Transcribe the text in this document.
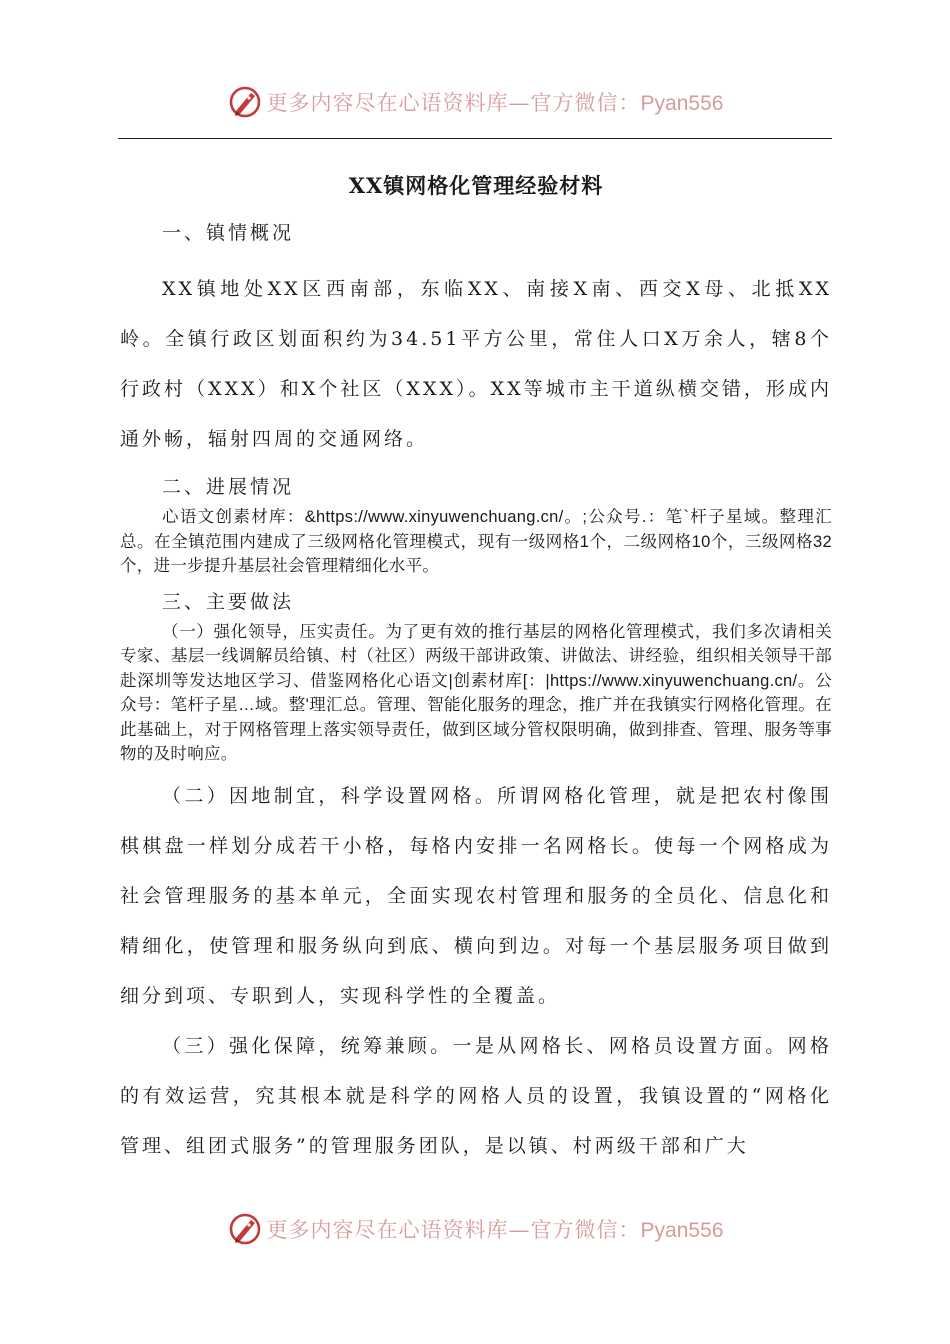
更多内容尽在心语资料库—官方微信：Pyan556
XX镇网格化管理经验材料
一、镇情概况

XX镇地处XX区西南部，东临XX、南接X南、西交X母、北抵XX岭。全镇行政区划面积约为34.51平方公里，常住人口X万余人，辖8个行政村（XXX）和X个社区（XXX）。XX等城市主干道纵横交错，形成内通外畅，辐射四周的交通网络。

二、进展情况

心语文创素材库：&https://www.xinyuwenchuang.cn/。;公众号.：笔`杆子星域。整理汇总。在全镇范围内建成了三级网格化管理模式，现有一级网格1个，二级网格10个，三级网格32个，进一步提升基层社会管理精细化水平。

三、主要做法

（一）强化领导，压实责任。为了更有效的推行基层的网格化管理模式，我们多次请相关专家、基层一线调解员给镇、村（社区）两级干部讲政策、讲做法、讲经验，组织相关领导干部赴深圳等发达地区学习、借鉴网格化心语文|创素材库[：|https://www.xinyuwenchuang.cn/。公众号：笔杆子星…域。整'理汇总。管理、智能化服务的理念，推广并在我镇实行网格化管理。在此基础上，对于网格管理上落实领导责任，做到区域分管权限明确，做到排查、管理、服务等事物的及时响应。

（二）因地制宜，科学设置网格。所谓网格化管理，就是把农村像围棋棋盘一样划分成若干小格，每格内安排一名网格长。使每一个网格成为社会管理服务的基本单元，全面实现农村管理和服务的全员化、信息化和精细化，使管理和服务纵向到底、横向到边。对每一个基层服务项目做到细分到项、专职到人，实现科学性的全覆盖。

（三）强化保障，统筹兼顾。一是从网格长、网格员设置方面。网格的有效运营，究其根本就是科学的网格人员的设置，我镇设置的“网格化管理、组团式服务”的管理服务团队，是以镇、村两级干部和广大

更多内容尽在心语资料库—官方微信：Pyan556
